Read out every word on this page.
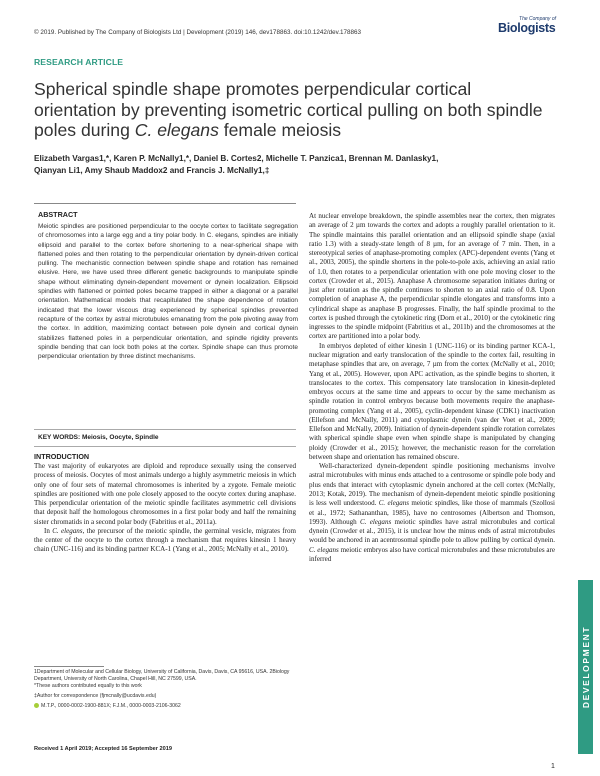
© 2019. Published by The Company of Biologists Ltd | Development (2019) 146, dev178863. doi:10.1242/dev.178863
The Company of
Biologists
RESEARCH ARTICLE
Spherical spindle shape promotes perpendicular cortical orientation by preventing isometric cortical pulling on both spindle poles during C. elegans female meiosis
Elizabeth Vargas1,*, Karen P. McNally1,*, Daniel B. Cortes2, Michelle T. Panzica1, Brennan M. Danlasky1,
Qianyan Li1, Amy Shaub Maddox2 and Francis J. McNally1,‡
ABSTRACT
Meiotic spindles are positioned perpendicular to the oocyte cortex to facilitate segregation of chromosomes into a large egg and a tiny polar body. In C. elegans, spindles are initially ellipsoid and parallel to the cortex before shortening to a near-spherical shape with flattened poles and then rotating to the perpendicular orientation by dynein-driven cortical pulling. The mechanistic connection between spindle shape and rotation has remained elusive. Here, we have used three different genetic backgrounds to manipulate spindle shape without eliminating dynein-dependent movement or dynein localization. Ellipsoid spindles with flattened or pointed poles became trapped in either a diagonal or a parallel orientation. Mathematical models that recapitulated the shape dependence of rotation indicated that the lower viscous drag experienced by spherical spindles prevented recapture of the cortex by astral microtubules emanating from the pole pivoting away from the cortex. In addition, maximizing contact between pole dynein and cortical dynein stabilizes flattened poles in a perpendicular orientation, and spindle rigidity prevents spindle bending that can lock both poles at the cortex. Spindle shape can thus promote perpendicular orientation by three distinct mechanisms.
KEY WORDS: Meiosis, Oocyte, Spindle
INTRODUCTION

The vast majority of eukaryotes are diploid and reproduce sexually using the conserved process of meiosis. Oocytes of most animals undergo a highly asymmetric meiosis in which only one of four sets of maternal chromosomes is inherited by a zygote. Female meiotic spindles are positioned with one pole closely apposed to the oocyte cortex during anaphase. This perpendicular orientation of the meiotic spindle facilitates asymmetric cell divisions that deposit half the homologous chromosomes in a first polar body and half the remaining sister chromatids in a second polar body (Fabritius et al., 2011a).

In C. elegans, the precursor of the meiotic spindle, the germinal vesicle, migrates from the center of the oocyte to the cortex through a mechanism that requires kinesin 1 heavy chain (UNC-116) and its binding partner KCA-1 (Yang et al., 2005; McNally et al., 2010).

At nuclear envelope breakdown, the spindle assembles near the cortex, then migrates an average of 2 µm towards the cortex and adopts a roughly parallel orientation to it. The spindle maintains this parallel orientation and an ellipsoid spindle shape (axial ratio 1.3) with a steady-state length of 8 µm, for an average of 7 min. Then, in a stereotypical series of anaphase-promoting complex (APC)-dependent events (Yang et al., 2003, 2005), the spindle shortens in the pole-to-pole axis, achieving an axial ratio of 1.0, then rotates to a perpendicular orientation with one pole moving closer to the cortex (Crowder et al., 2015). Anaphase A chromosome separation initiates during or just after rotation as the spindle continues to shorten to an axial ratio of 0.8. Upon completion of anaphase A, the perpendicular spindle elongates and transforms into a cylindrical shape as anaphase B progresses. Finally, the half spindle proximal to the cortex is pushed through the cytokinetic ring (Dorn et al., 2010) or the cytokinetic ring ingresses to the spindle midpoint (Fabritius et al., 2011b) and the chromosomes at the cortex are partitioned into a polar body.

In embryos depleted of either kinesin 1 (UNC-116) or its binding partner KCA-1, nuclear migration and early translocation of the spindle to the cortex fail, resulting in metaphase spindles that are, on average, 7 µm from the cortex (McNally et al., 2010; Yang et al., 2005). However, upon APC activation, as the spindle begins to shorten, it translocates to the cortex. This compensatory late translocation in kinesin-depleted embryos occurs at the same time and appears to occur by the same mechanism as spindle rotation in control embryos because both movements require the anaphase-promoting complex (Yang et al., 2005), cyclin-dependent kinase (CDK1) inactivation (Ellefson and McNally, 2011) and cytoplasmic dynein (van der Voet et al., 2009; Ellefson and McNally, 2009). Initiation of dynein-dependent spindle rotation correlates with spherical spindle shape even when spindle shape is manipulated by changing ploidy (Crowder et al., 2015); however, the mechanistic reason for the correlation between shape and orientation has remained obscure.

Well-characterized dynein-dependent spindle positioning mechanisms involve astral microtubules with minus ends attached to a centrosome or spindle pole body and plus ends that interact with cytoplasmic dynein anchored at the cell cortex (McNally, 2013; Kotak, 2019). The mechanism of dynein-dependent meiotic spindle positioning is less well understood. C. elegans meiotic spindles, like those of mammals (Szollosi et al., 1972; Sathananthan, 1985), have no centrosomes (Albertson and Thomson, 1993). Although C. elegans meiotic spindles have astral microtubules and cortical dynein (Crowder et al., 2015), it is unclear how the minus ends of astral microtubules would be anchored in an acentrosomal spindle pole to allow pulling by cortical dynein. C. elegans meiotic embryos also have cortical microtubules and these microtubules are inferred

1Department of Molecular and Cellular Biology, University of California, Davis, Davis, CA 95616, USA. 2Biology Department, University of North Carolina, Chapel Hill, NC 27599, USA.
*These authors contributed equally to this work
‡Author for correspondence (fjmcnally@ucdavis.edu)
M.T.P., 0000-0002-1900-881X; F.J.M., 0000-0003-2106-3062
Received 1 April 2019; Accepted 16 September 2019
DEVELOPMENT
1
